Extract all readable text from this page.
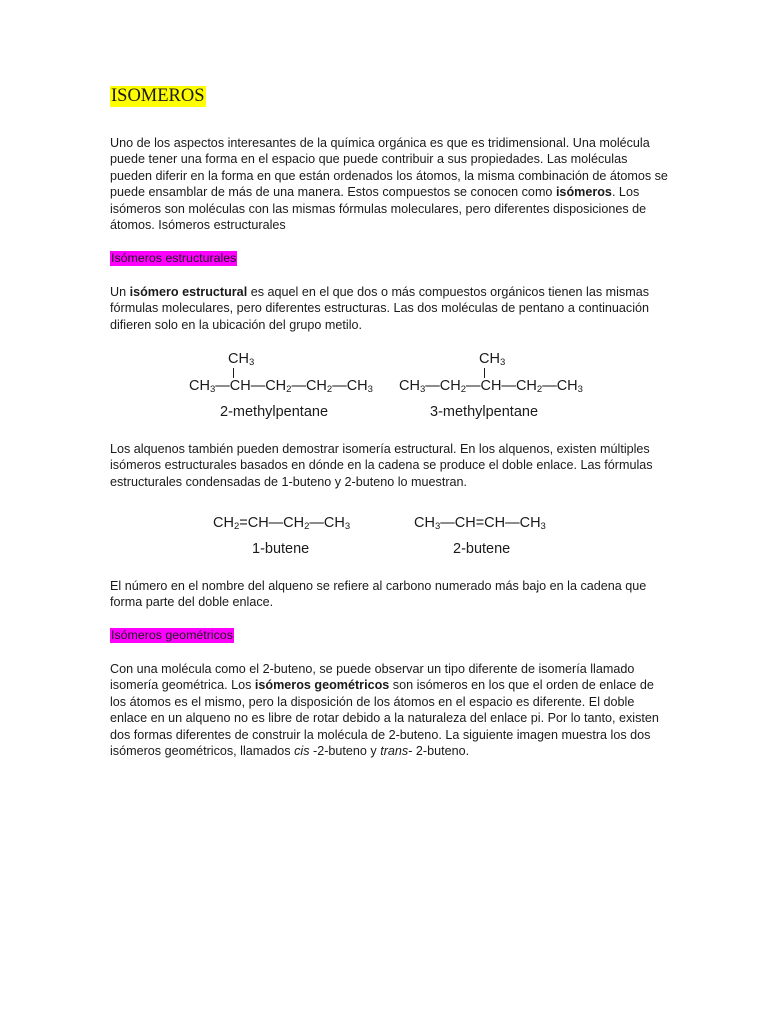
ISOMEROS

Uno de los aspectos interesantes de la química orgánica es que es tridimensional. Una molécula puede tener una forma en el espacio que puede contribuir a sus propiedades. Las moléculas pueden diferir en la forma en que están ordenados los átomos, la misma combinación de átomos se puede ensamblar de más de una manera. Estos compuestos se conocen como isómeros. Los isómeros son moléculas con las mismas fórmulas moleculares, pero diferentes disposiciones de átomos. Isómeros estructurales

Isómeros estructurales

Un isómero estructural es aquel en el que dos o más compuestos orgánicos tienen las mismas fórmulas moleculares, pero diferentes estructuras. Las dos moléculas de pentano a continuación difieren solo en la ubicación del grupo metilo.

$CH_3$
$CH_3—CH—CH_2—CH_2—CH_3$
2-methylpentane
$CH_3$
$CH_3—CH_2—CH—CH_2—CH_3$
3-methylpentane

Los alquenos también pueden demostrar isomería estructural. En los alquenos, existen múltiples isómeros estructurales basados en dónde en la cadena se produce el doble enlace. Las fórmulas estructurales condensadas de 1-buteno y 2-buteno lo muestran.

$CH_2=CH—CH_2—CH_3$
1-butene
$CH_3—CH=CH—CH_3$
2-butene

El número en el nombre del alqueno se refiere al carbono numerado más bajo en la cadena que forma parte del doble enlace.

Isómeros geométricos

Con una molécula como el 2-buteno, se puede observar un tipo diferente de isomería llamado isomería geométrica. Los isómeros geométricos son isómeros en los que el orden de enlace de los átomos es el mismo, pero la disposición de los átomos en el espacio es diferente. El doble enlace en un alqueno no es libre de rotar debido a la naturaleza del enlace pi. Por lo tanto, existen dos formas diferentes de construir la molécula de 2-buteno. La siguiente imagen muestra los dos isómeros geométricos, llamados cis -2-buteno y trans- 2-buteno.
